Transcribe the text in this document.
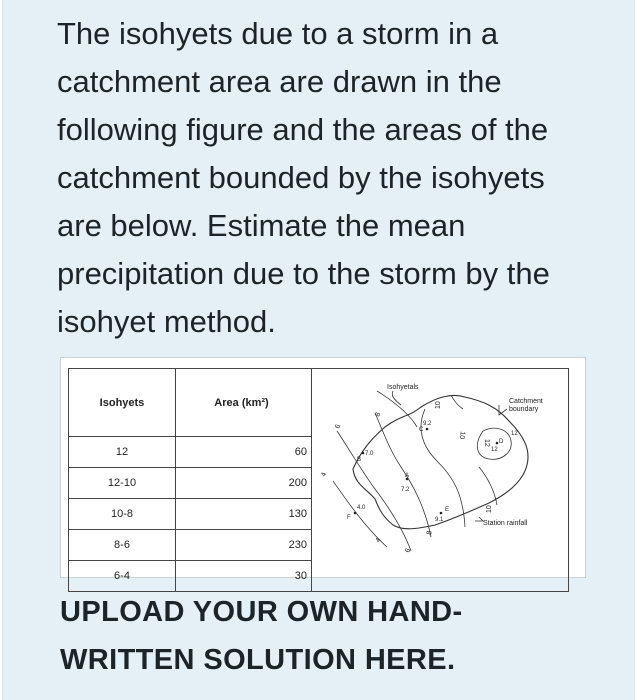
The isohyets due to a storm in a catchment area are drawn in the following figure and the areas of the catchment bounded by the isohyets are below. Estimate the mean precipitation due to the storm by the isohyet method.
Isohyets	Area (km²)	
12	60	
12-10	200	
10-8	130	
8-6	230	
6-4	30	
Isohyetals
Catchment
boundary
Station rainfall
4
6
8
10
12
6
4
8
10	12
10
A
7.2
B
7.0
C
9.2
D
12
E
9.1
F
4.0
UPLOAD YOUR OWN HAND-
WRITTEN SOLUTION HERE.
